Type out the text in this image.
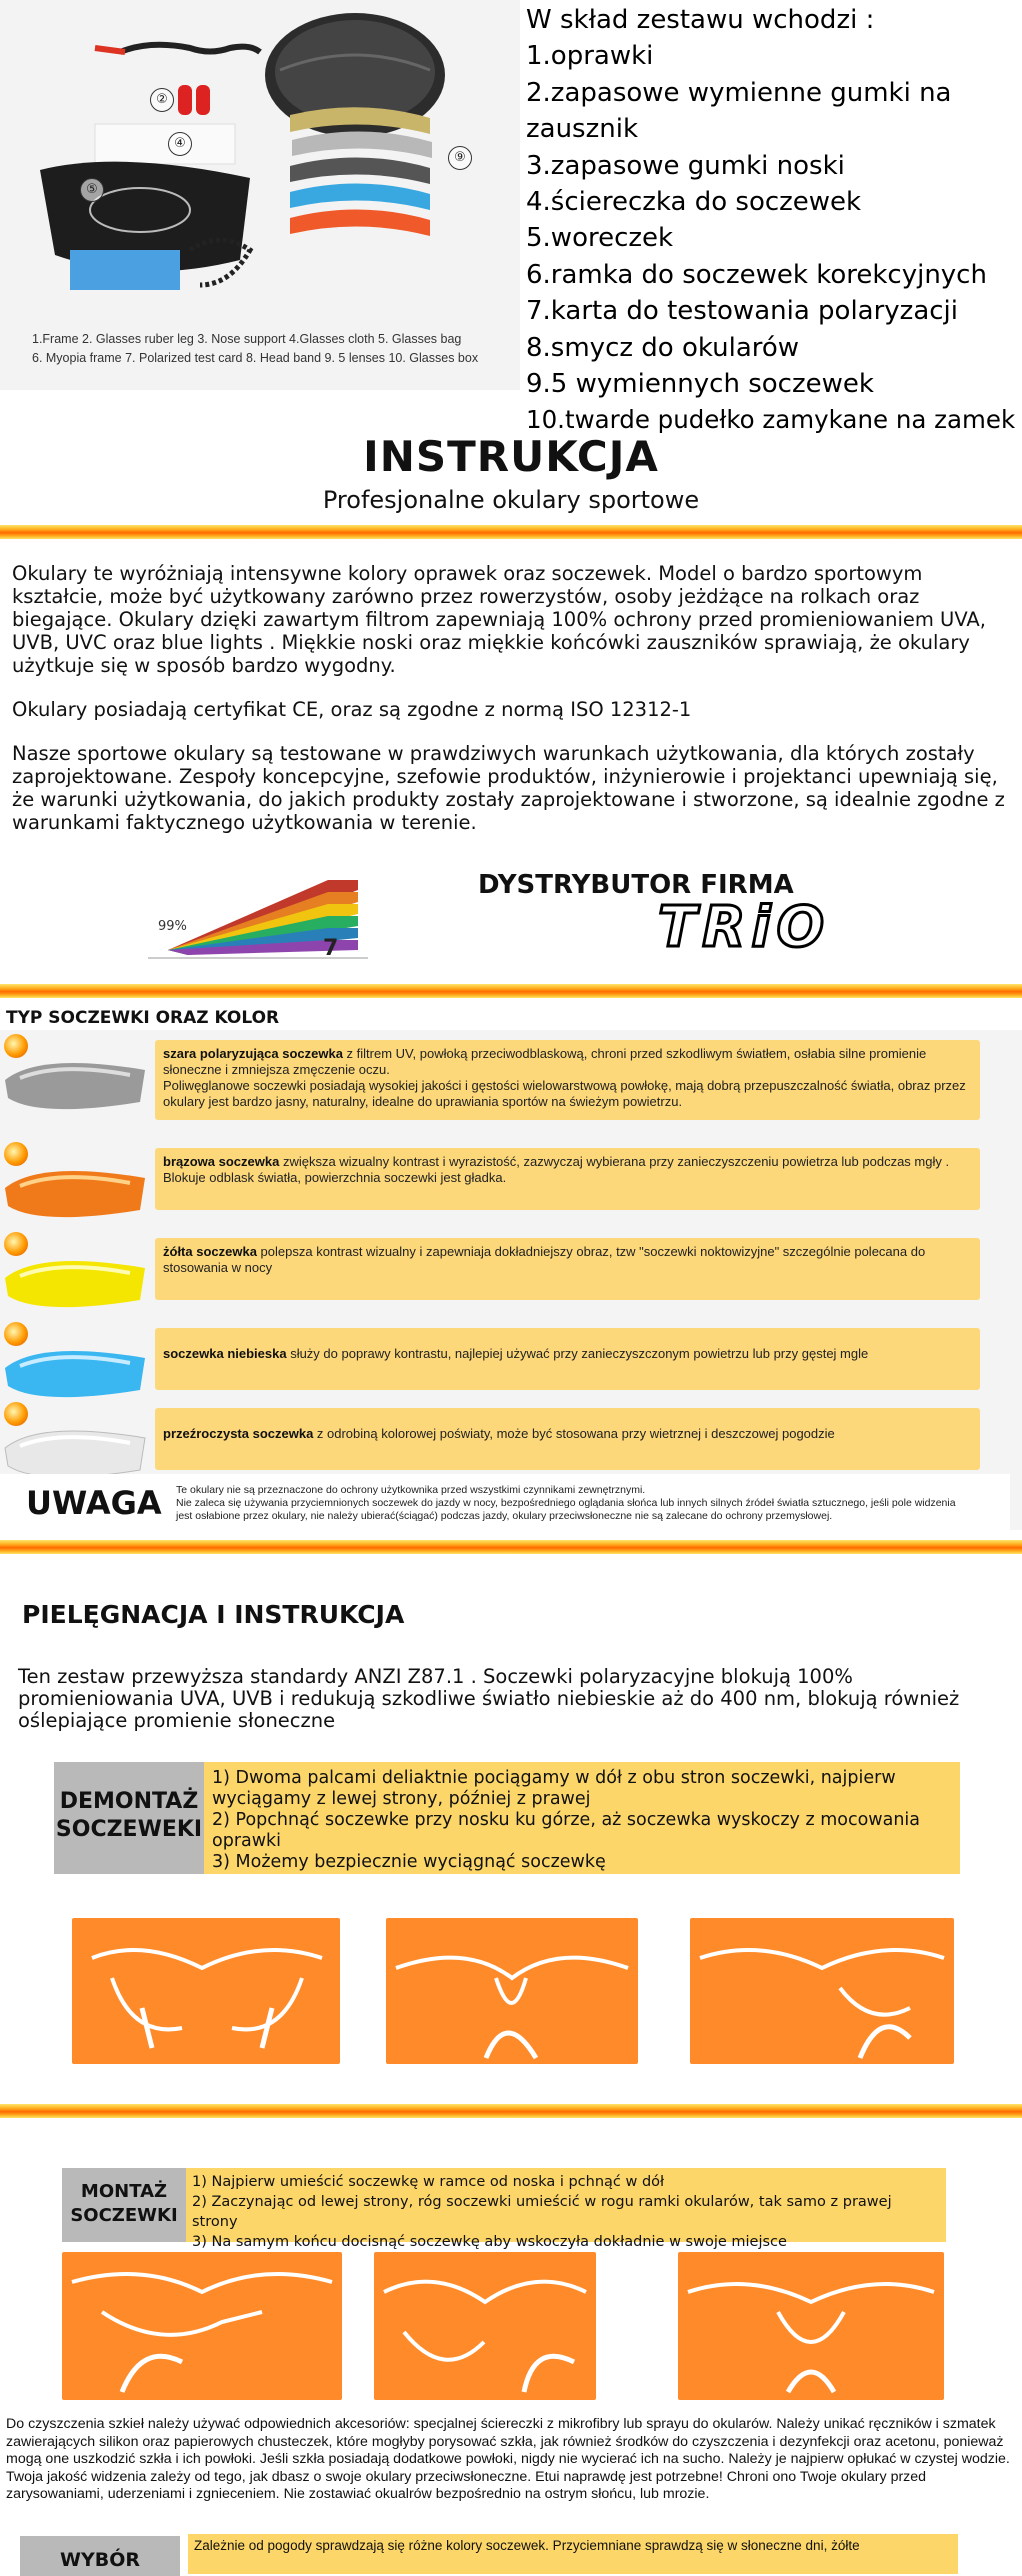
②
④
⑤
⑨
1.Frame 2. Glasses ruber leg 3. Nose support 4.Glasses cloth 5. Glasses bag
6. Myopia frame 7. Polarized test card 8. Head band 9. 5 lenses 10. Glasses box
W skład zestawu wchodzi :
1.oprawki
2.zapasowe wymienne gumki na
zausznik
3.zapasowe gumki noski
4.ściereczka do soczewek
5.woreczek
6.ramka do soczewek korekcyjnych
7.karta do testowania polaryzacji
8.smycz do okularów
9.5 wymiennych soczewek
10.twarde pudełko zamykane na zamek
INSTRUKCJA
Profesjonalne okulary sportowe
Okulary te wyróżniają intensywne kolory oprawek oraz soczewek. Model o bardzo sportowym kształcie, może być użytkowany zarówno przez rowerzystów, osoby jeżdżące na rolkach oraz biegające. Okulary dzięki zawartym filtrom zapewniają 100% ochrony przed promieniowaniem UVA, UVB, UVC oraz blue lights . Miękkie noski oraz miękkie końcówki zauszników sprawiają, że okulary użytkuje się w sposób bardzo wygodny.
Okulary posiadają certyfikat CE, oraz są zgodne z normą ISO 12312-1
Nasze sportowe okulary są testowane w prawdziwych warunkach użytkowania, dla których zostały zaprojektowane. Zespoły koncepcyjne, szefowie produktów, inżynierowie i projektanci upewniają się, że warunki użytkowania, do jakich produkty zostały zaprojektowane i stworzone, są idealnie zgodne z warunkami faktycznego użytkowania w terenie.
99%
7
DYSTRYBUTOR FIRMA
TRiO
TYP SOCZEWKI ORAZ KOLOR
szara polaryzująca soczewka z filtrem UV, powłoką przeciwodblaskową, chroni przed szkodliwym światłem, osłabia silne promienie słoneczne i zmniejsza zmęczenie oczu.
Poliwęglanowe soczewki posiadają wysokiej jakości i gęstości wielowarstwową powłokę, mają dobrą przepuszczalność światła, obraz przez okulary jest bardzo jasny, naturalny, idealne do uprawiania sportów na świeżym powietrzu.
brązowa soczewka zwiększa wizualny kontrast i wyrazistość, zazwyczaj wybierana przy zanieczyszczeniu powietrza lub podczas mgły . Blokuje odblask światła, powierzchnia soczewki jest gładka.
żółta soczewka polepsza kontrast wizualny i zapewniaja dokładniejszy obraz, tzw "soczewki noktowizyjne" szczególnie polecana do stosowania w nocy
soczewka niebieska służy do poprawy kontrastu, najlepiej używać przy zanieczyszczonym powietrzu lub przy gęstej mgle
przeźroczysta soczewka z odrobiną kolorowej poświaty, może być stosowana przy wietrznej i deszczowej pogodzie
UWAGA Te okulary nie są przeznaczone do ochrony użytkownika przed wszystkimi czynnikami zewnętrznymi.
Nie zaleca się używania przyciemnionych soczewek do jazdy w nocy, bezpośredniego oglądania słońca lub innych silnych źródeł światła sztucznego, jeśli pole widzenia jest osłabione przez okulary, nie należy ubierać(ściągać) podczas jazdy, okulary przeciwsłoneczne nie są zalecane do ochrony przemysłowej.
PIELĘGNACJA I INSTRUKCJA
Ten zestaw przewyższa standardy ANZI Z87.1 . Soczewki polaryzacyjne blokują 100% promieniowania UVA, UVB i redukują szkodliwe światło niebieskie aż do 400 nm, blokują również oślepiające promienie słoneczne
DEMONTAŻ
SOCZEWEKI
1) Dwoma palcami deliaktnie pociągamy w dół z obu stron soczewki, najpierw wyciągamy z lewej strony, później z prawej
2) Popchnąć soczewke przy nosku ku górze, aż soczewka wyskoczy z mocowania oprawki
3) Możemy bezpiecznie wyciągnąć soczewkę
MONTAŻ
SOCZEWKI
1) Najpierw umieścić soczewkę w ramce od noska i pchnąć w dół
2) Zaczynając od lewej strony, róg soczewki umieścić w rogu ramki okularów, tak samo z prawej strony
3) Na samym końcu docisnąć soczewkę aby wskoczyła dokładnie w swoje miejsce
Do czyszczenia szkieł należy używać odpowiednich akcesoriów: specjalnej ściereczki z mikrofibry lub sprayu do okularów. Należy unikać ręczników i szmatek zawierających silikon oraz papierowych chusteczek, które mogłyby porysować szkła, jak również środków do czyszczenia i dezynfekcji oraz acetonu, ponieważ mogą one uszkodzić szkła i ich powłoki. Jeśli szkła posiadają dodatkowe powłoki, nigdy nie wycierać ich na sucho. Należy je najpierw opłukać w czystej wodzie.
Twoja jakość widzenia zależy od tego, jak dbasz o swoje okulary przeciwsłoneczne. Etui naprawdę jest potrzebne! Chroni ono Twoje okulary przed zarysowaniami, uderzeniami i zgnieceniem. Nie zostawiać okualrów bezpośrednio na ostrym słońcu, lub mrozie.
WYBÓR
Zależnie od pogody sprawdzają się różne kolory soczewek. Przyciemniane sprawdzą się w słoneczne dni, żółte
